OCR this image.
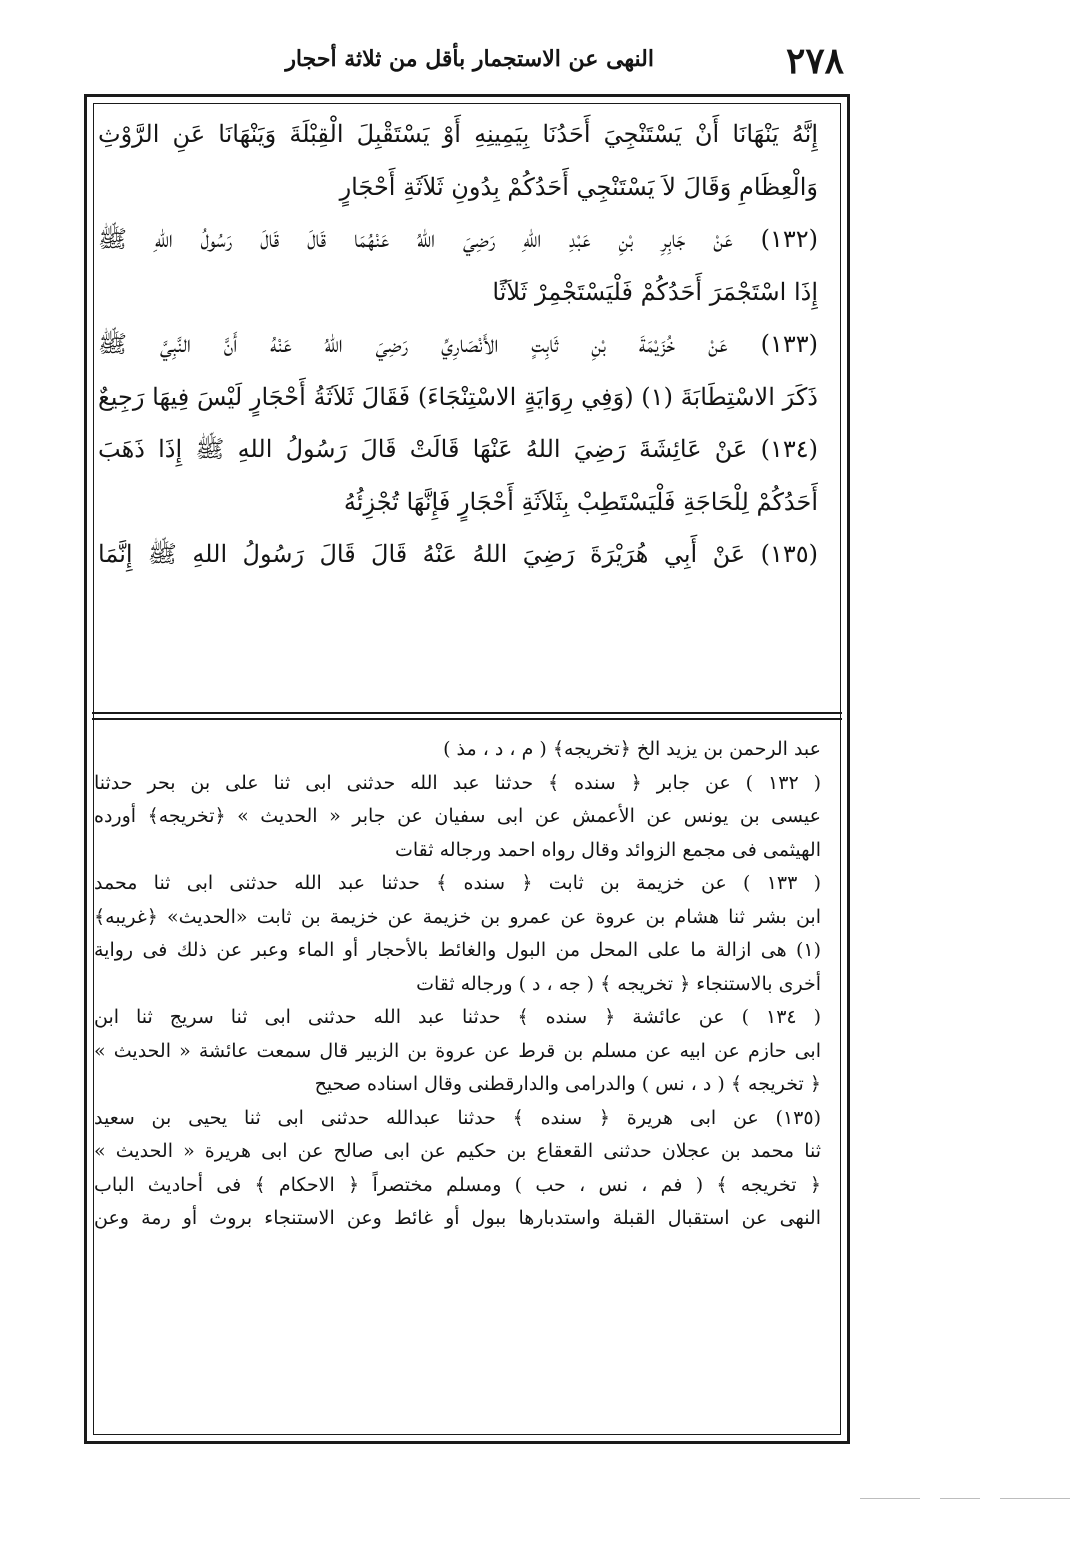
٢٧٨
النهى عن الاستجمار بأقل من ثلاثة أحجار
إِنَّهُ يَنْهَانَا أَنْ يَسْتَنْجِيَ أَحَدُنَا بِيَمِينِهِ أَوْ يَسْتَقْبِلَ الْقِبْلَةَ وَيَنْهَانَا عَنِ الرَّوْثِ
وَالْعِظَامِ وَقَالَ لاَ يَسْتَنْجِي أَحَدُكُمْ بِدُونِ ثَلاَثَةِ أَحْجَارٍ
(١٣٢) عَنْ جَابِرِ بْنِ عَبْدِ اللهِ رَضِيَ اللهُ عَنْهُمَا قَالَ قَالَ رَسُولُ اللهِ ﷺ
إِذَا اسْتَجْمَرَ أَحَدُكُمْ فَلْيَسْتَجْمِرْ ثَلاَثًا
(١٣٣) عَنْ خُزَيْمَةَ بْنِ ثَابِتٍ الأَنْصَارِيِّ رَضِيَ اللهُ عَنْهُ أَنَّ النَّبِيَّ ﷺ
ذَكَرَ الاسْتِطَابَةَ (١) (وَفِي رِوَايَةٍ الاسْتِنْجَاءَ) فَقَالَ ثَلاَثَةُ أَحْجَارٍ لَيْسَ فِيهَا رَجِيعٌ
(١٣٤) عَنْ عَائِشَةَ رَضِيَ اللهُ عَنْهَا قَالَتْ قَالَ رَسُولُ اللهِ ﷺ إِذَا ذَهَبَ
أَحَدُكُمْ لِلْحَاجَةِ فَلْيَسْتَطِبْ بِثَلاَثَةِ أَحْجَارٍ فَإِنَّهَا تُجْزِئُهُ
(١٣٥) عَنْ أَبِي هُرَيْرَةَ رَضِيَ اللهُ عَنْهُ قَالَ قَالَ رَسُولُ اللهِ ﷺ إِنَّمَا
عبد الرحمن بن يزيد الخ ﴿تخريجه﴾ ( م ، د ، مذ )
( ١٣٢ ) عن جابر ﴿ سنده ﴾ حدثنا عبد الله حدثنى ابى ثنا على بن بحر حدثنا
عيسى بن يونس عن الأعمش عن ابى سفيان عن جابر « الحديث » ﴿تخريجه﴾ أورده
الهيثمى فى مجمع الزوائد وقال رواه احمد ورجاله ثقات
( ١٣٣ ) عن خزيمة بن ثابت ﴿ سنده ﴾ حدثنا عبد الله حدثنى ابى ثنا محمد
ابن بشر ثنا هشام بن عروة عن عمرو بن خزيمة عن خزيمة بن ثابت «الحديث» ﴿غريبه﴾
(١) هى ازالة ما على المحل من البول والغائط بالأحجار أو الماء وعبر عن ذلك فى رواية
أخرى بالاستنجاء ﴿ تخريجه ﴾ ( جه ، د ) ورجاله ثقات
( ١٣٤ ) عن عائشة ﴿ سنده ﴾ حدثنا عبد الله حدثنى ابى ثنا سريج ثنا ابن
ابى حازم عن ابيه عن مسلم بن قرط عن عروة بن الزبير قال سمعت عائشة « الحديث »
﴿ تخريجه ﴾ ( د ، نس ) والدرامى والدارقطنى وقال اسناده صحيح
(١٣٥) عن ابى هريرة ﴿ سنده ﴾ حدثنا عبدالله حدثنى ابى ثنا يحيى بن سعيد
ثنا محمد بن عجلان حدثنى القعقاع بن حكيم عن ابى صالح عن ابى هريرة « الحديث »
﴿ تخريجه ﴾ ( فم ، نس ، حب ) ومسلم مختصراً ﴿ الاحكام ﴾ فى أحاديث الباب
النهى عن استقبال القبلة واستدبارها ببول أو غائط وعن الاستنجاء بروث أو رمة وعن
